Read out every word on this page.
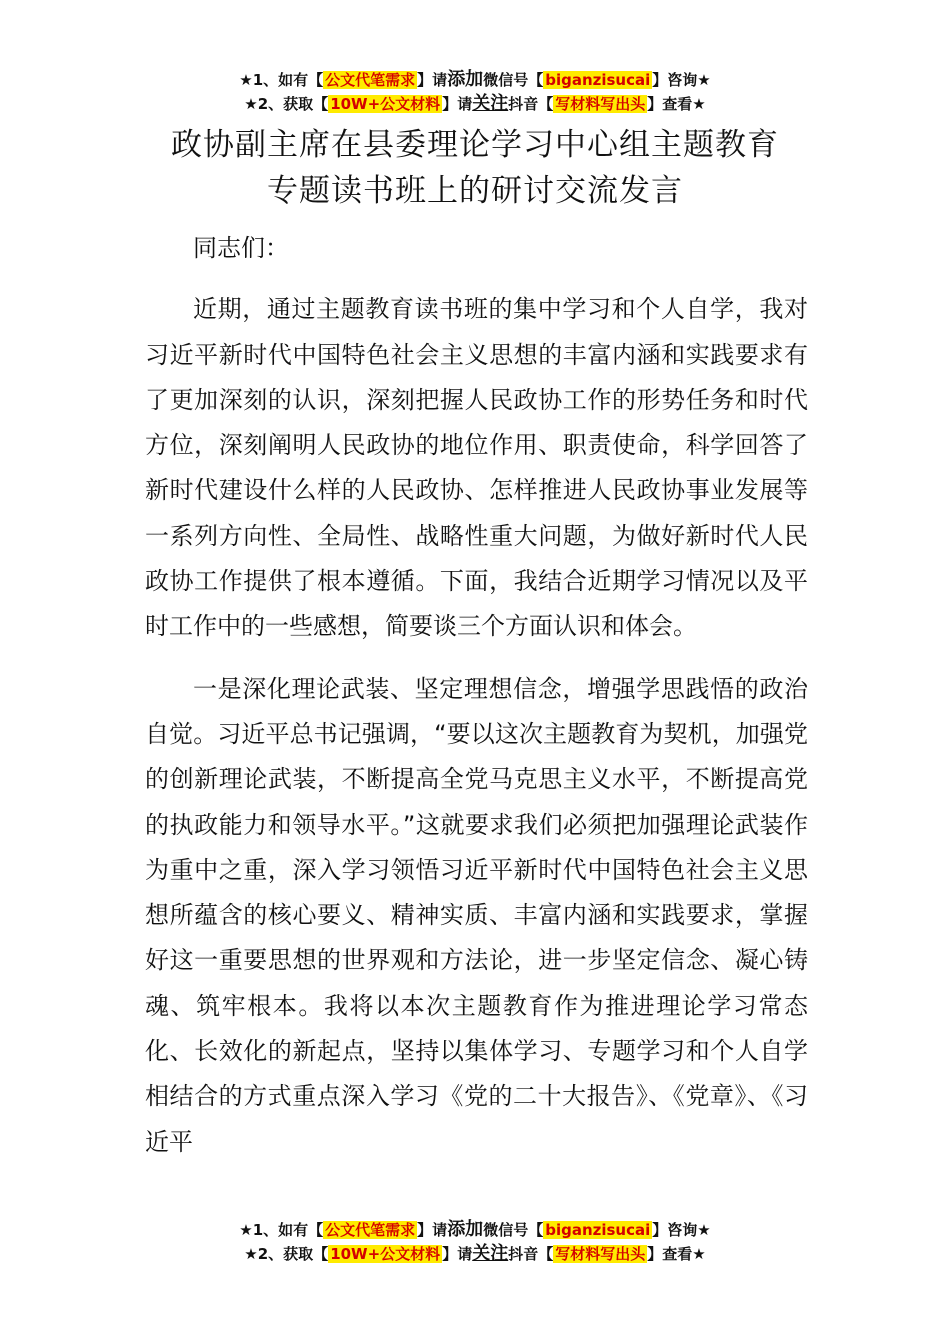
★1、如有【 公文代笔需求 】请添加微信号【 biganzisucai 】咨询★
★2、获取【 10W+公文材料 】请关注抖音【 写材料写出头 】查看★
政协副主席在县委理论学习中心组主题教育
专题读书班上的研讨交流发言

同志们：

近期，通过主题教育读书班的集中学习和个人自学，我对习近平新时代中国特色社会主义思想的丰富内涵和实践要求有了更加深刻的认识，深刻把握人民政协工作的形势任务和时代方位，深刻阐明人民政协的地位作用、职责使命，科学回答了新时代建设什么样的人民政协、怎样推进人民政协事业发展等一系列方向性、全局性、战略性重大问题，为做好新时代人民政协工作提供了根本遵循。下面，我结合近期学习情况以及平时工作中的一些感想，简要谈三个方面认识和体会。

一是深化理论武装、坚定理想信念，增强学思践悟的政治自觉。习近平总书记强调，“要以这次主题教育为契机，加强党的创新理论武装，不断提高全党马克思主义水平，不断提高党的执政能力和领导水平。”这就要求我们必须把加强理论武装作为重中之重，深入学习领悟习近平新时代中国特色社会主义思想所蕴含的核心要义、精神实质、丰富内涵和实践要求，掌握好这一重要思想的世界观和方法论，进一步坚定信念、凝心铸魂、筑牢根本。我将以本次主题教育作为推进理论学习常态化、长效化的新起点，坚持以集体学习、专题学习和个人自学相结合的方式重点深入学习《党的二十大报告》、《党章》、《习近平

★1、如有【 公文代笔需求 】请添加微信号【 biganzisucai 】咨询★
★2、获取【 10W+公文材料 】请关注抖音【 写材料写出头 】查看★
